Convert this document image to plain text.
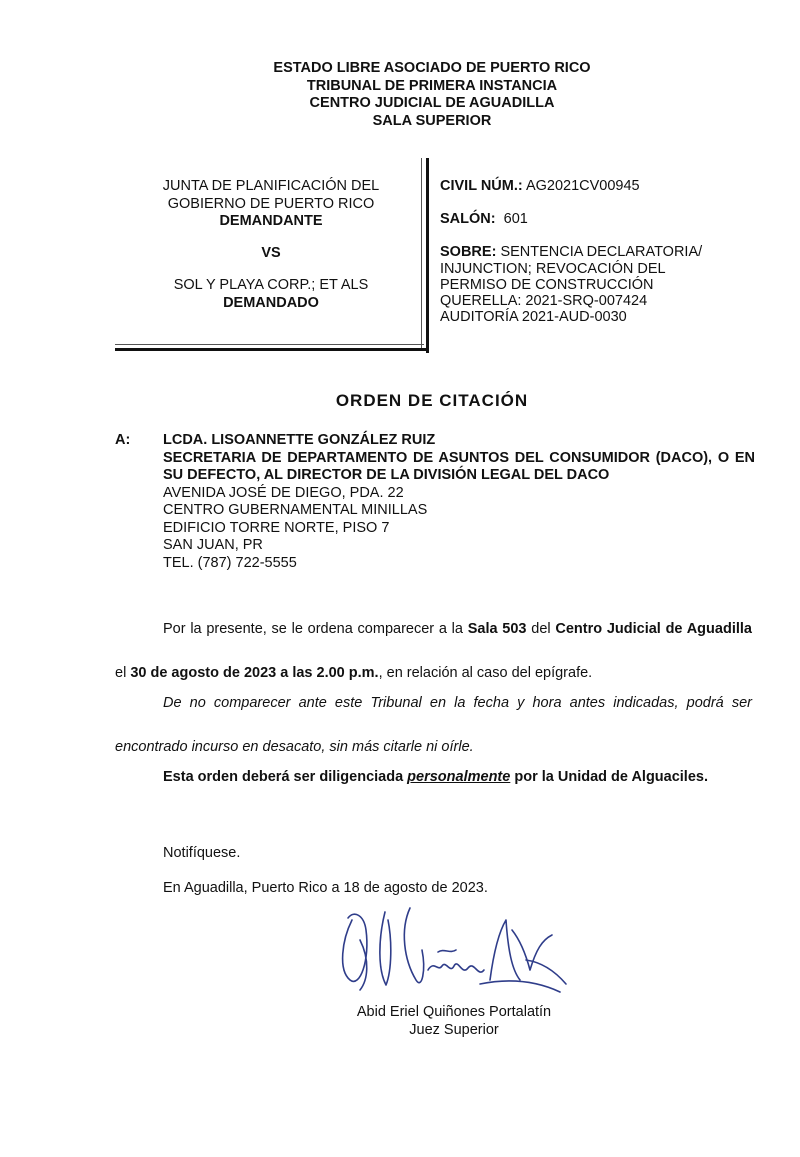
ESTADO LIBRE ASOCIADO DE PUERTO RICO
TRIBUNAL DE PRIMERA INSTANCIA
CENTRO JUDICIAL DE AGUADILLA
SALA SUPERIOR
JUNTA DE PLANIFICACIÓN DEL
GOBIERNO DE PUERTO RICO
DEMANDANTE
VS
SOL Y PLAYA CORP.; ET ALS
DEMANDADO
CIVIL NÚM.: AG2021CV00945
SALÓN: 601
SOBRE: SENTENCIA DECLARATORIA/
INJUNCTION; REVOCACIÓN DEL
PERMISO DE CONSTRUCCIÓN
QUERELLA: 2021-SRQ-007424
AUDITORÍA 2021-AUD-0030
ORDEN DE CITACIÓN
A: LCDA. LISOANNETTE GONZÁLEZ RUIZ
SECRETARIA DE DEPARTAMENTO DE ASUNTOS DEL CONSUMIDOR (DACO), O EN SU DEFECTO, AL DIRECTOR DE LA DIVISIÓN LEGAL DEL DACO
AVENIDA JOSÉ DE DIEGO, PDA. 22
CENTRO GUBERNAMENTAL MINILLAS
EDIFICIO TORRE NORTE, PISO 7
SAN JUAN, PR
TEL. (787) 722-5555
Por la presente, se le ordena comparecer a la Sala 503 del Centro Judicial de Aguadilla el 30 de agosto de 2023 a las 2.00 p.m., en relación al caso del epígrafe.
De no comparecer ante este Tribunal en la fecha y hora antes indicadas, podrá ser encontrado incurso en desacato, sin más citarle ni oírle.
Esta orden deberá ser diligenciada personalmente por la Unidad de Alguaciles.
Notifíquese.
En Aguadilla, Puerto Rico a 18 de agosto de 2023.
Abid Eriel Quiñones Portalatín
Juez Superior
